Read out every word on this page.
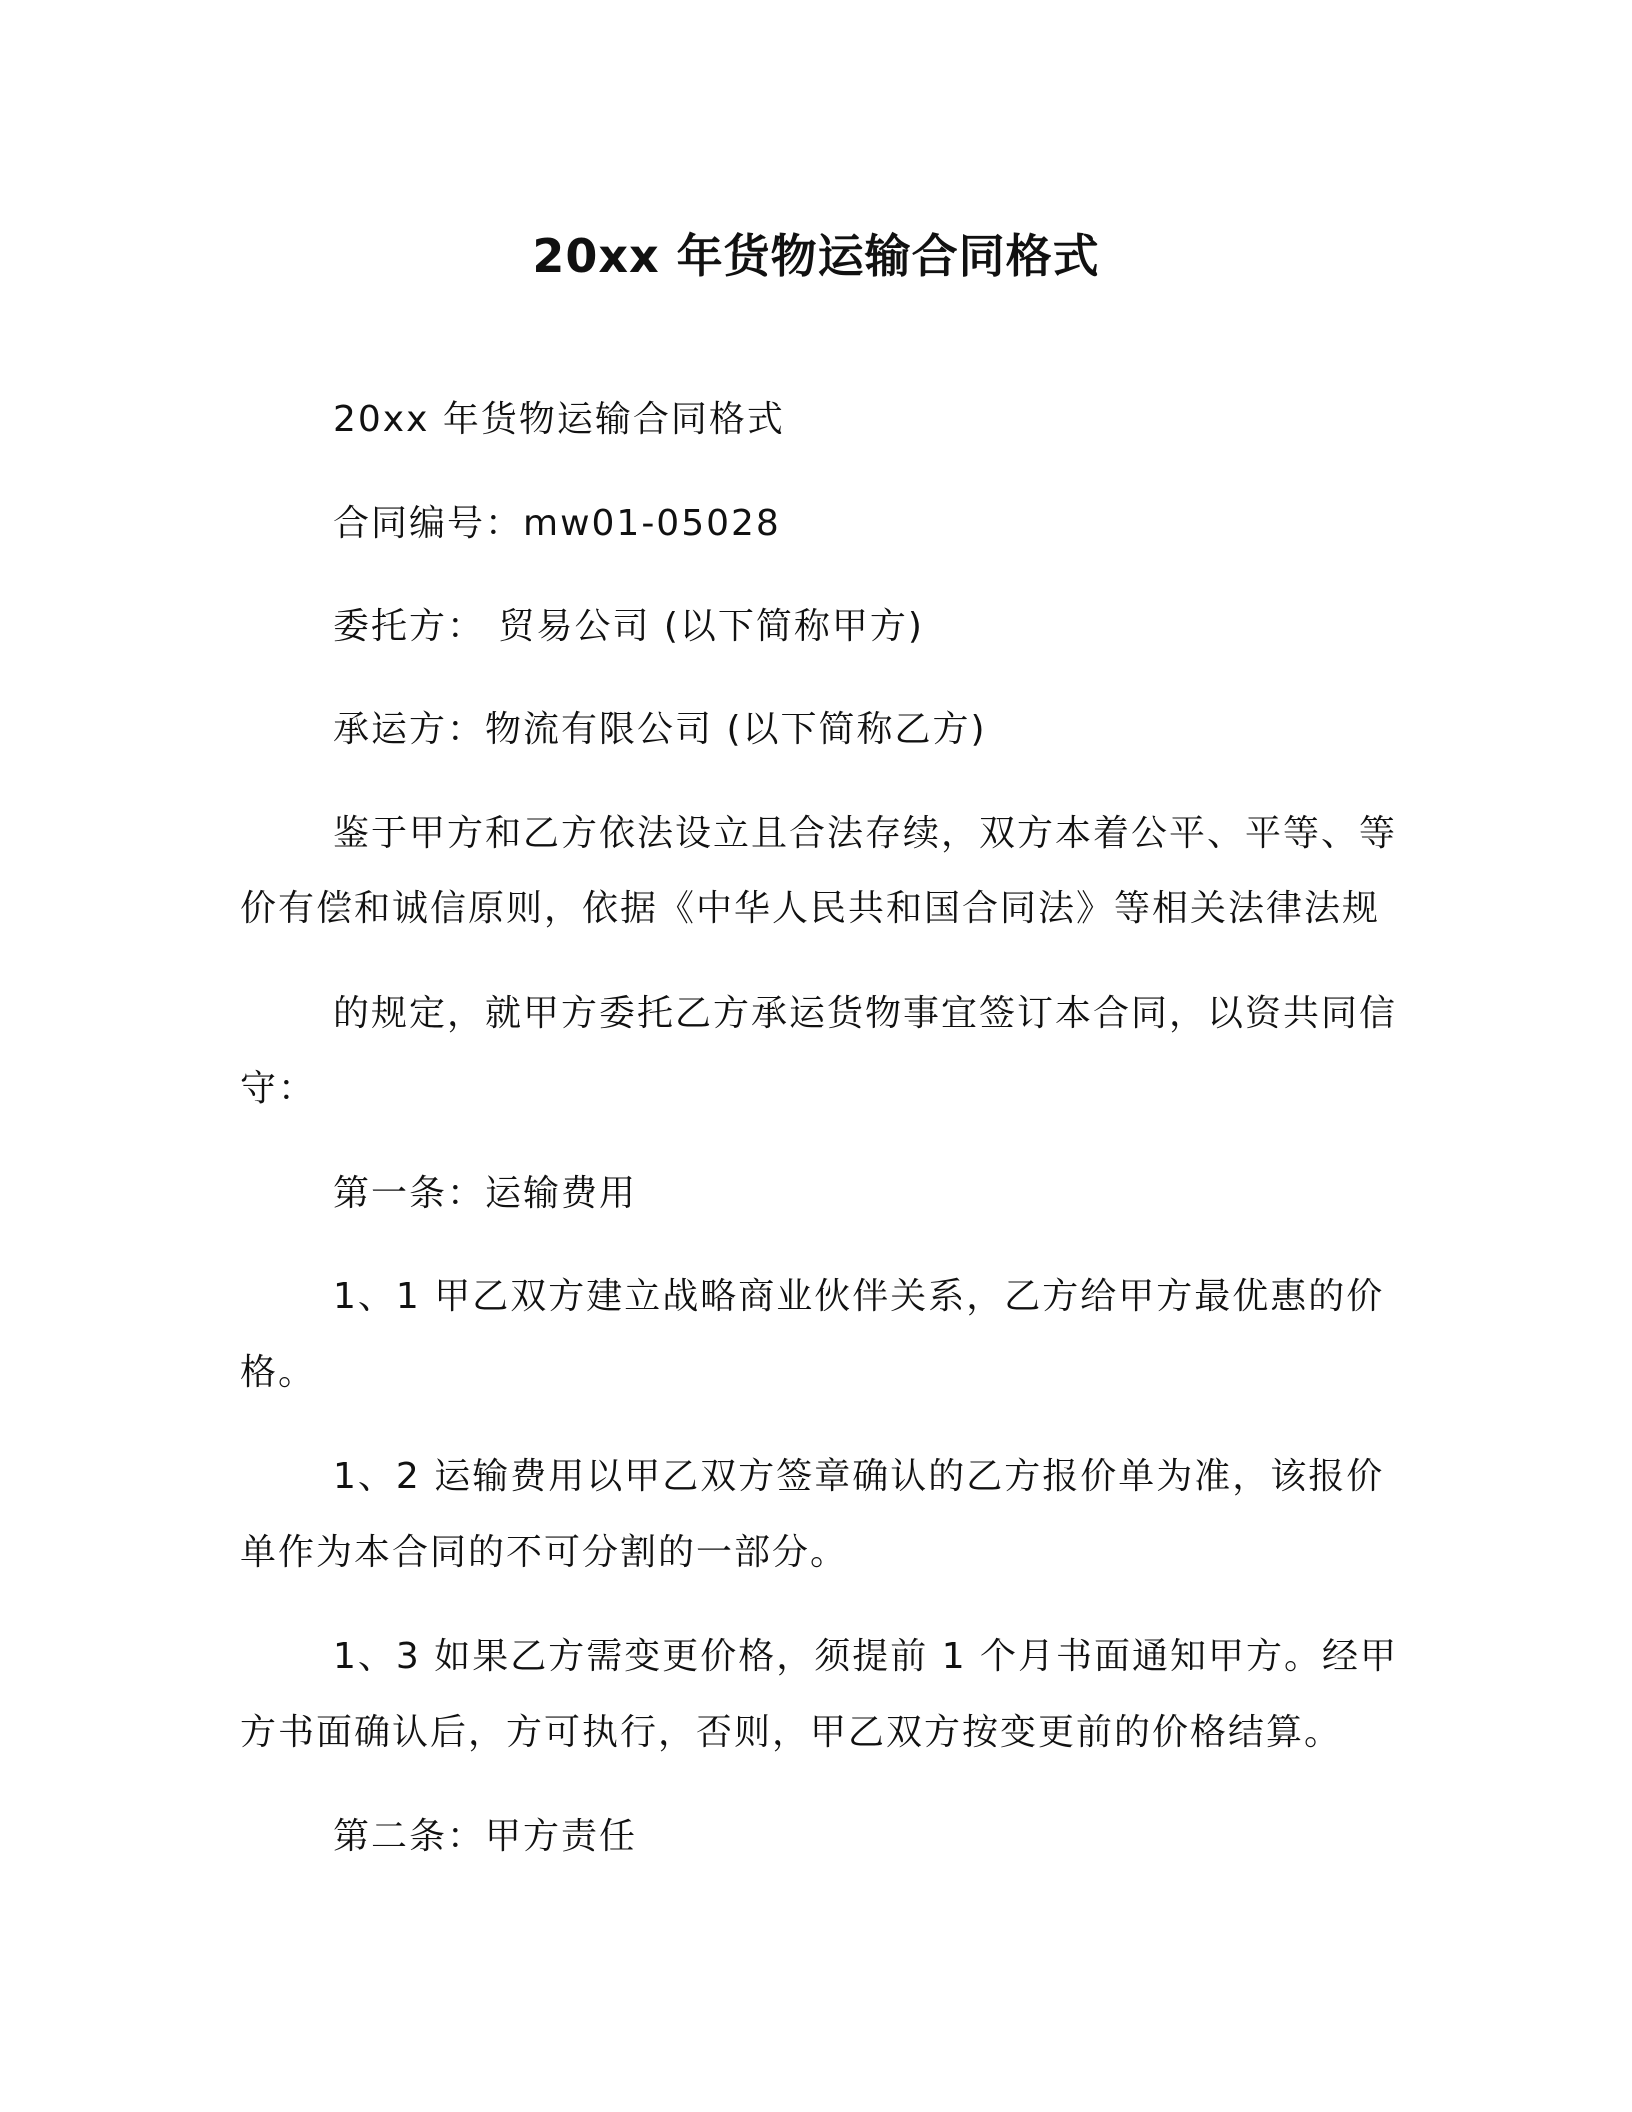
20xx 年货物运输合同格式
20xx 年货物运输合同格式
合同编号：mw01-05028
委托方： 贸易公司 (以下简称甲方)
承运方：物流有限公司 (以下简称乙方)
鉴于甲方和乙方依法设立且合法存续，双方本着公平、平等、等
价有偿和诚信原则，依据《中华人民共和国合同法》等相关法律法规
的规定，就甲方委托乙方承运货物事宜签订本合同，以资共同信
守：
第一条：运输费用
1、1 甲乙双方建立战略商业伙伴关系，乙方给甲方最优惠的价
格。
1、2 运输费用以甲乙双方签章确认的乙方报价单为准，该报价
单作为本合同的不可分割的一部分。
1、3 如果乙方需变更价格，须提前 1 个月书面通知甲方。经甲
方书面确认后，方可执行，否则，甲乙双方按变更前的价格结算。
第二条：甲方责任
